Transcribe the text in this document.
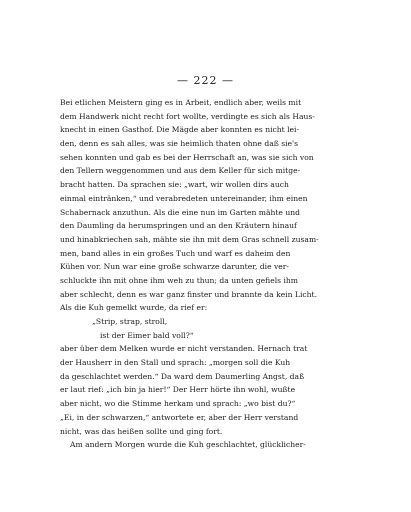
— 222 —
Bei etlichen Meistern ging es in Arbeit, endlich aber, weils mit
dem Handwerk nicht recht fort wollte, verdingte es sich als Haus-
knecht in einen Gasthof. Die Mägde aber konnten es nicht lei-
den, denn es sah alles, was sie heimlich thaten ohne daß sie's
sehen konnten und gab es bei der Herrschaft an, was sie sich von
den Tellern weggenommen und aus dem Keller für sich mitge-
bracht hatten. Da sprachen sie: „wart, wir wollen dirs auch
einmal eintränken,“ und verabredeten untereinander, ihm einen
Schabernack anzuthun. Als die eine nun im Garten mähte und
den Daumling da herumspringen und an den Kräutern hinauf
und hinabkriechen sah, mähte sie ihn mit dem Gras schnell zusam-
men, band alles in ein großes Tuch und warf es daheim den
Kühen vor. Nun war eine große schwarze darunter, die ver-
schluckte ihn mit ohne ihm weh zu thun; da unten gefiels ihm
aber schlecht, denn es war ganz finster und brannte da kein Licht.
Als die Kuh gemelkt wurde, da rief er:
„Strip, strap, stroll,
ist der Eimer bald voll?“
aber über dem Melken wurde er nicht verstanden. Hernach trat
der Hausherr in den Stall und sprach: „morgen soll die Kuh
da geschlachtet werden.“ Da ward dem Daumerling Angst, daß
er laut rief: „ich bin ja hier!“ Der Herr hörte ihn wohl, wußte
aber nicht, wo die Stimme herkam und sprach: „wo bist du?“
„Ei, in der schwarzen,“ antwortete er, aber der Herr verstand
nicht, was das heißen sollte und ging fort.
Am andern Morgen wurde die Kuh geschlachtet, glücklicher-
